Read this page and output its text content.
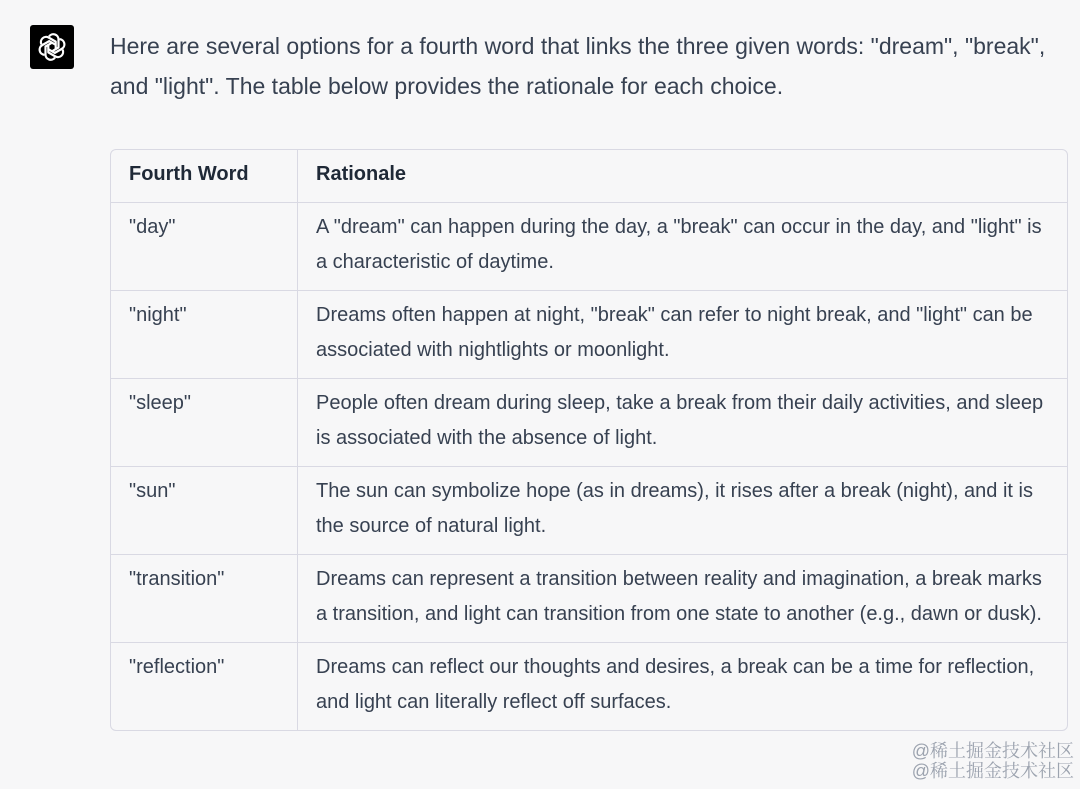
Here are several options for a fourth word that links the three given words: "dream", "break", and "light". The table below provides the rationale for each choice.

Fourth Word	Rationale
"day"	A "dream" can happen during the day, a "break" can occur in the day, and "light" is a characteristic of daytime.
"night"	Dreams often happen at night, "break" can refer to night break, and "light" can be associated with nightlights or moonlight.
"sleep"	People often dream during sleep, take a break from their daily activities, and sleep is associated with the absence of light.
"sun"	The sun can symbolize hope (as in dreams), it rises after a break (night), and it is the source of natural light.
"transition"	Dreams can represent a transition between reality and imagination, a break marks a transition, and light can transition from one state to another (e.g., dawn or dusk).
"reflection"	Dreams can reflect our thoughts and desires, a break can be a time for reflection, and light can literally reflect off surfaces.
@稀土掘金技术社区
@稀土掘金技术社区
